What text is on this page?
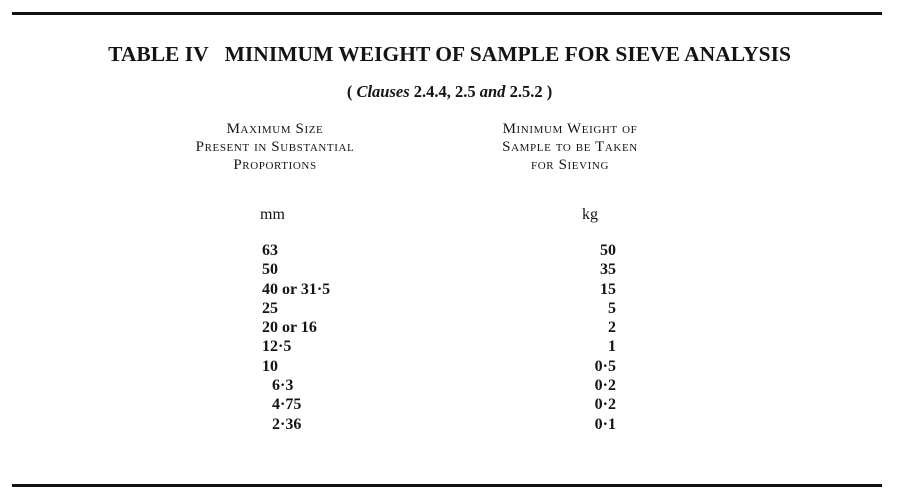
TABLE IV MINIMUM WEIGHT OF SAMPLE FOR SIEVE ANALYSIS
( Clauses 2.4.4, 2.5 and 2.5.2 )
Maximum Size
Present in Substantial
Proportions
Minimum Weight of
Sample to be Taken
for Sieving
mm	kg
63	50
50	35
40 or 31·5	15
25	5
20 or 16	2
12·5	1
10	0·5
6·3	0·2
4·75	0·2
2·36	0·1
